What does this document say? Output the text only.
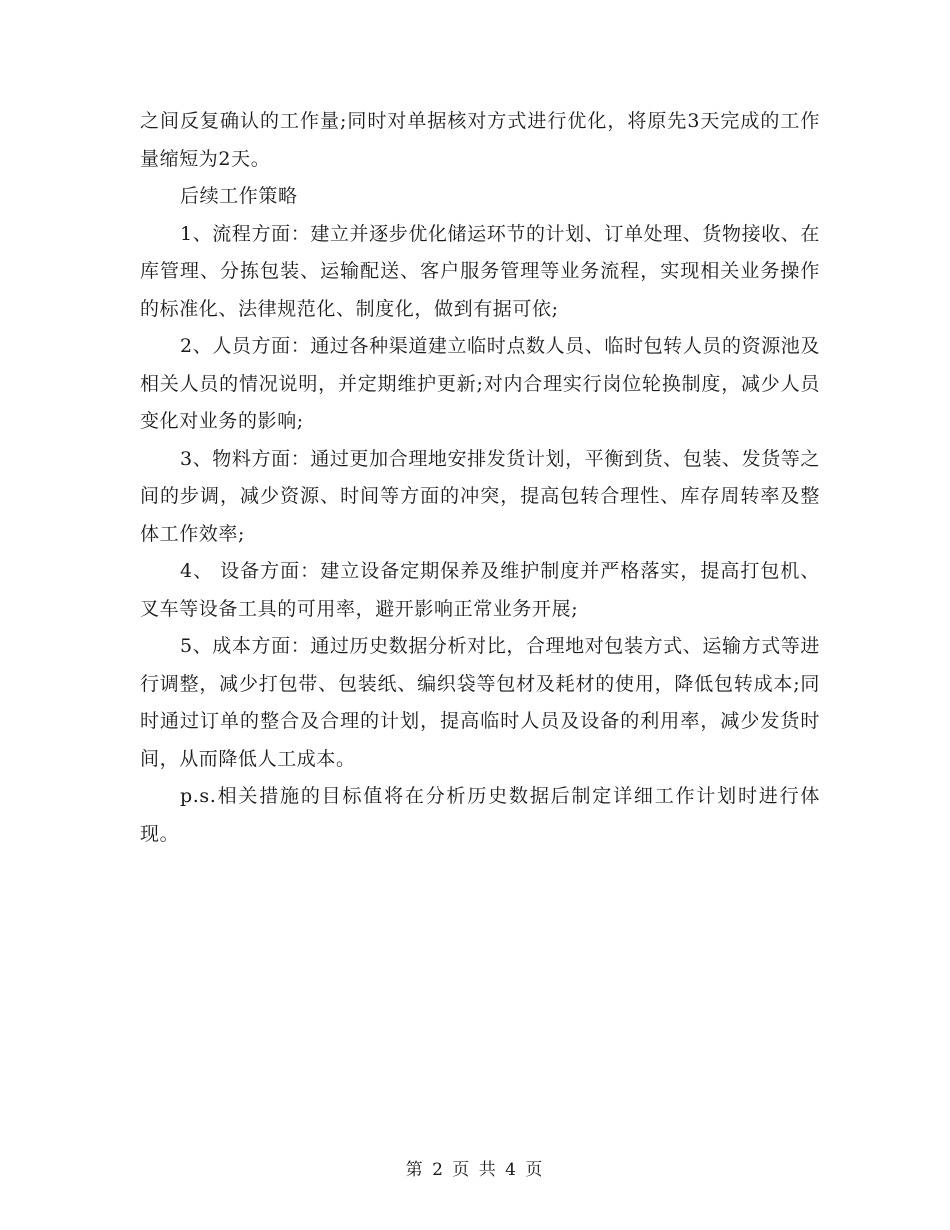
之间反复确认的工作量;同时对单据核对方式进行优化，将原先3天完成的工作量缩短为2天。

后续工作策略

1、流程方面：建立并逐步优化储运环节的计划、订单处理、货物接收、在库管理、分拣包装、运输配送、客户服务管理等业务流程，实现相关业务操作的标准化、法律规范化、制度化，做到有据可依;

2、人员方面：通过各种渠道建立临时点数人员、临时包转人员的资源池及相关人员的情况说明，并定期维护更新;对内合理实行岗位轮换制度，减少人员变化对业务的影响;

3、物料方面：通过更加合理地安排发货计划，平衡到货、包装、发货等之间的步调，减少资源、时间等方面的冲突，提高包转合理性、库存周转率及整体工作效率;

4、 设备方面：建立设备定期保养及维护制度并严格落实，提高打包机、叉车等设备工具的可用率，避开影响正常业务开展;

5、成本方面：通过历史数据分析对比，合理地对包装方式、运输方式等进行调整，减少打包带、包装纸、编织袋等包材及耗材的使用，降低包转成本;同时通过订单的整合及合理的计划，提高临时人员及设备的利用率，减少发货时间，从而降低人工成本。

p.s.相关措施的目标值将在分析历史数据后制定详细工作计划时进行体现。

第 2 页 共 4 页
